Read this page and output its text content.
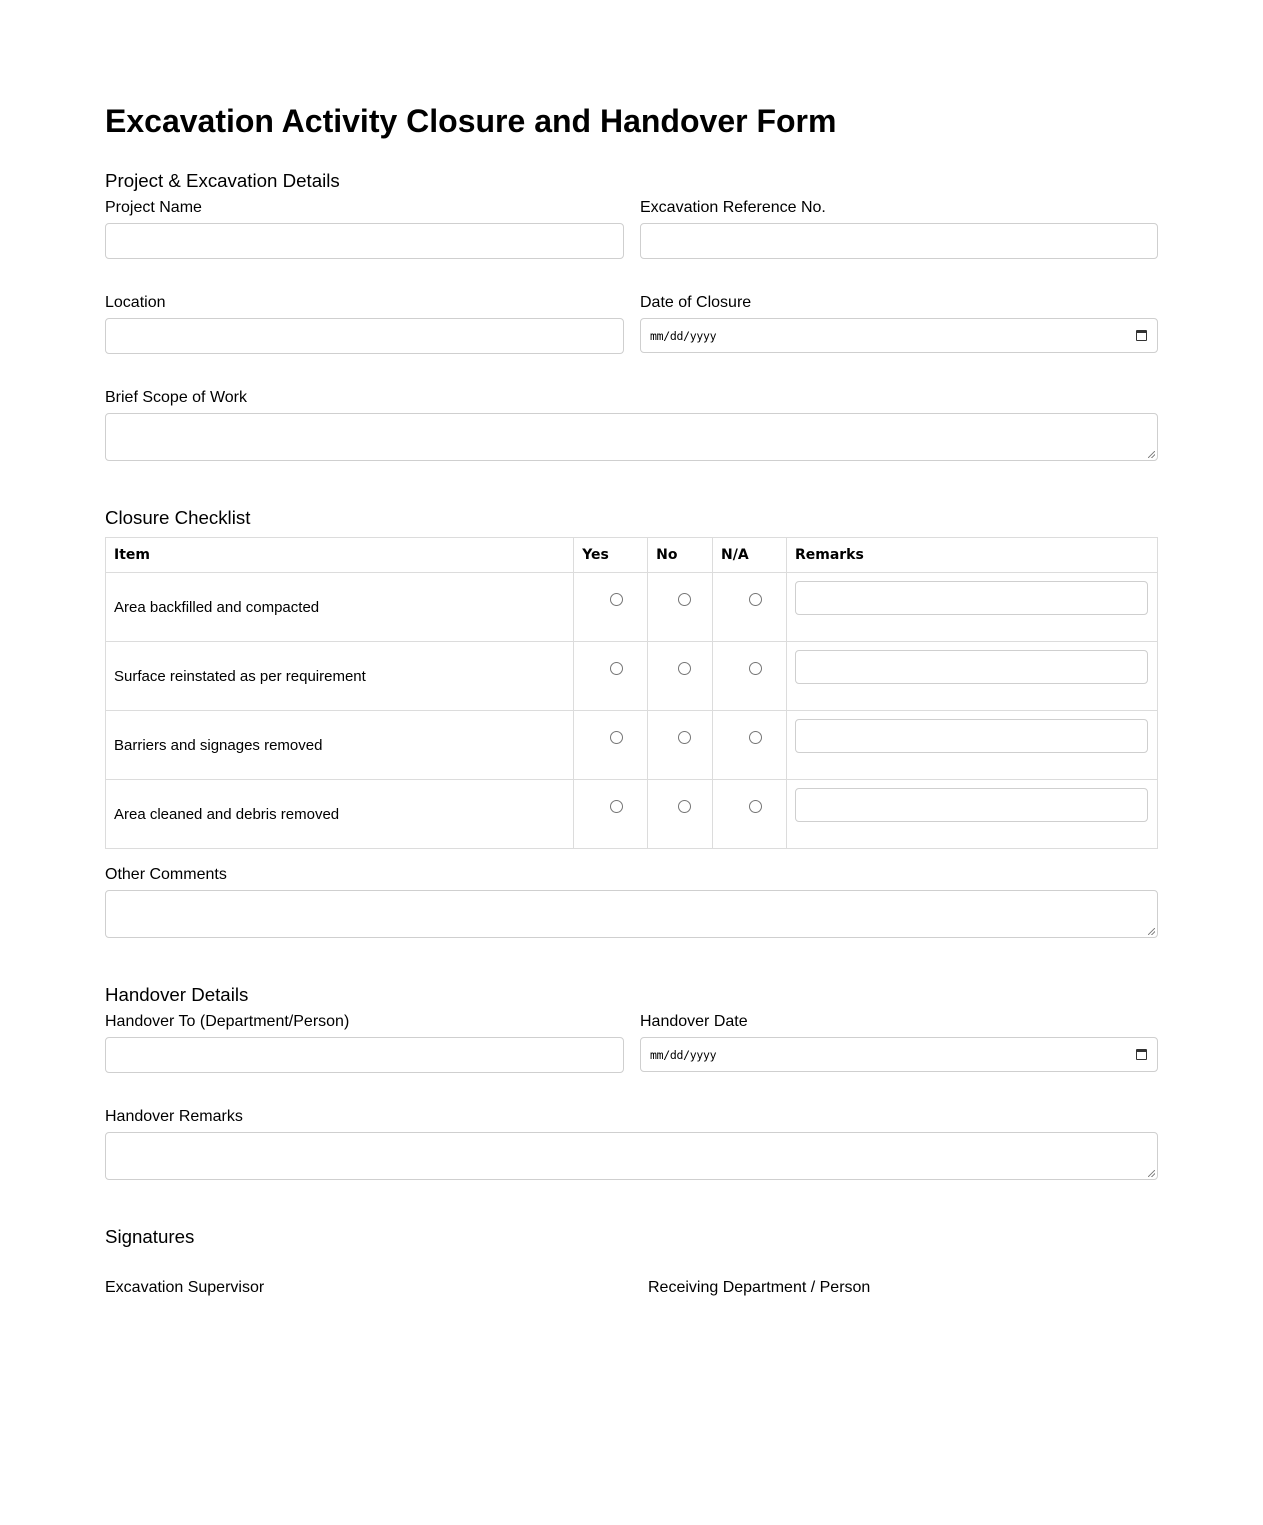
Excavation Activity Closure and Handover Form
Project & Excavation Details
Project Name	Excavation Reference No.
Location	Date of Closure
mm/dd/yyyy
Brief Scope of Work
Closure Checklist
Item	Yes	No	N/A	Remarks
Area backfilled and compacted				

Surface reinstated as per requirement				

Barriers and signages removed				

Area cleaned and debris removed				
Other Comments
Handover Details
Handover To (Department/Person)	Handover Date
mm/dd/yyyy
Handover Remarks
Signatures
Excavation Supervisor	Receiving Department / Person
